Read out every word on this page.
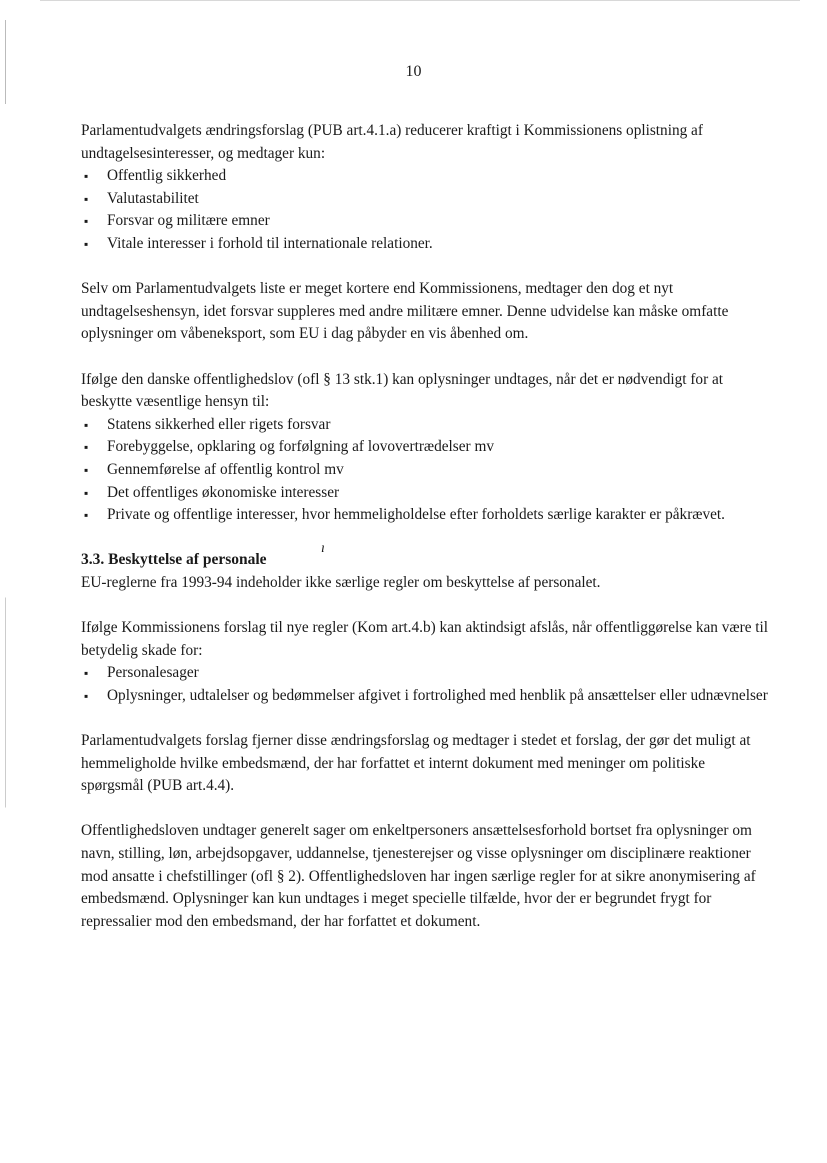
10

Parlamentudvalgets ændringsforslag (PUB art.4.1.a) reducerer kraftigt i Kommissionens oplistning af undtagelsesinteresser, og medtager kun:

▪ Offentlig sikkerhed
▪ Valutastabilitet
▪ Forsvar og militære emner
▪ Vitale interesser i forhold til internationale relationer.

Selv om Parlamentudvalgets liste er meget kortere end Kommissionens, medtager den dog et nyt undtagelseshensyn, idet forsvar suppleres med andre militære emner. Denne udvidelse kan måske omfatte oplysninger om våbeneksport, som EU i dag påbyder en vis åbenhed om.

Ifølge den danske offentlighedslov (ofl § 13 stk.1) kan oplysninger undtages, når det er nødvendigt for at beskytte væsentlige hensyn til:

▪ Statens sikkerhed eller rigets forsvar
▪ Forebyggelse, opklaring og forfølgning af lovovertrædelser mv
▪ Gennemførelse af offentlig kontrol mv
▪ Det offentliges økonomiske interesser
▪ Private og offentlige interesser, hvor hemmeligholdelse efter forholdets særlige karakter er påkrævet.
3.3. Beskyttelse af personale

EU-reglerne fra 1993-94 indeholder ikke særlige regler om beskyttelse af personalet.

Ifølge Kommissionens forslag til nye regler (Kom art.4.b) kan aktindsigt afslås, når offentliggørelse kan være til betydelig skade for:

▪ Personalesager
▪ Oplysninger, udtalelser og bedømmelser afgivet i fortrolighed med henblik på ansættelser eller udnævnelser

Parlamentudvalgets forslag fjerner disse ændringsforslag og medtager i stedet et forslag, der gør det muligt at hemmeligholde hvilke embedsmænd, der har forfattet et internt dokument med meninger om politiske spørgsmål (PUB art.4.4).

Offentlighedsloven undtager generelt sager om enkeltpersoners ansættelsesforhold bortset fra oplysninger om navn, stilling, løn, arbejdsopgaver, uddannelse, tjenesterejser og visse oplysninger om disciplinære reaktioner mod ansatte i chefstillinger (ofl § 2). Offentlighedsloven har ingen særlige regler for at sikre anonymisering af embedsmænd. Oplysninger kan kun undtages i meget specielle tilfælde, hvor der er begrundet frygt for repressalier mod den embedsmand, der har forfattet et dokument.

ı
